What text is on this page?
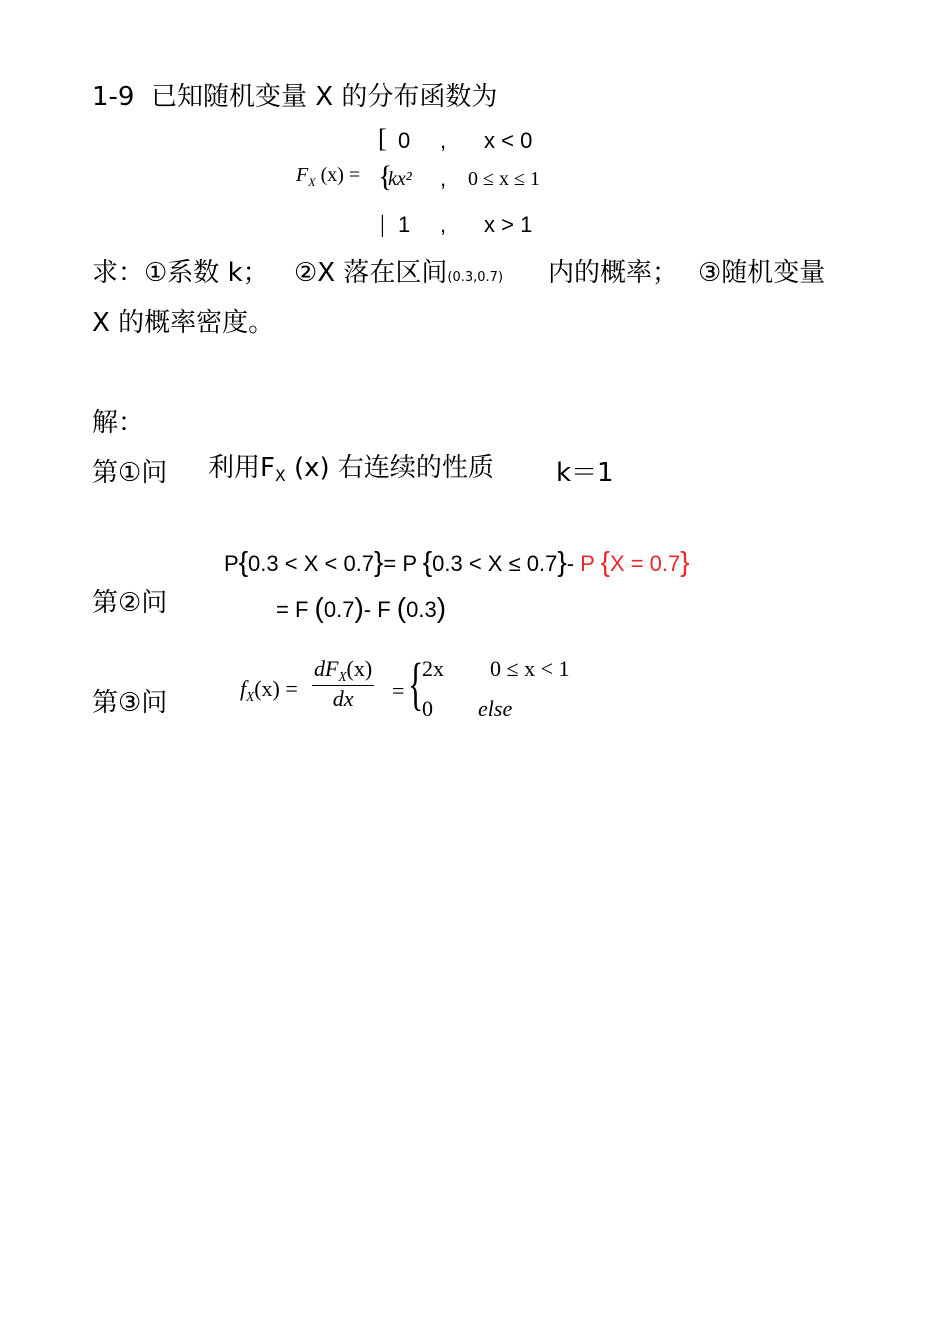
1-9 已知随机变量 X 的分布函数为
$F_X$ (x) =
[
{
|
0 , x < 0
kx² , 0 ≤ x ≤ 1
1 , x > 1
求：①系数 k； ②X 落在区间(0.3,0.7) 内的概率； ③随机变量
X 的概率密度。
解：
第①问 利用$F_X$ (x) 右连续的性质 k＝1
第②问
P{0.3 < X < 0.7}= P {0.3 < X ≤ 0.7}- P {X = 0.7}
= F (0.7)- F (0.3)
第③问	$f_X(x) = \frac{dF_X(x)}{dx}$ = {
2x 0 ≤ x < 1
0 else
